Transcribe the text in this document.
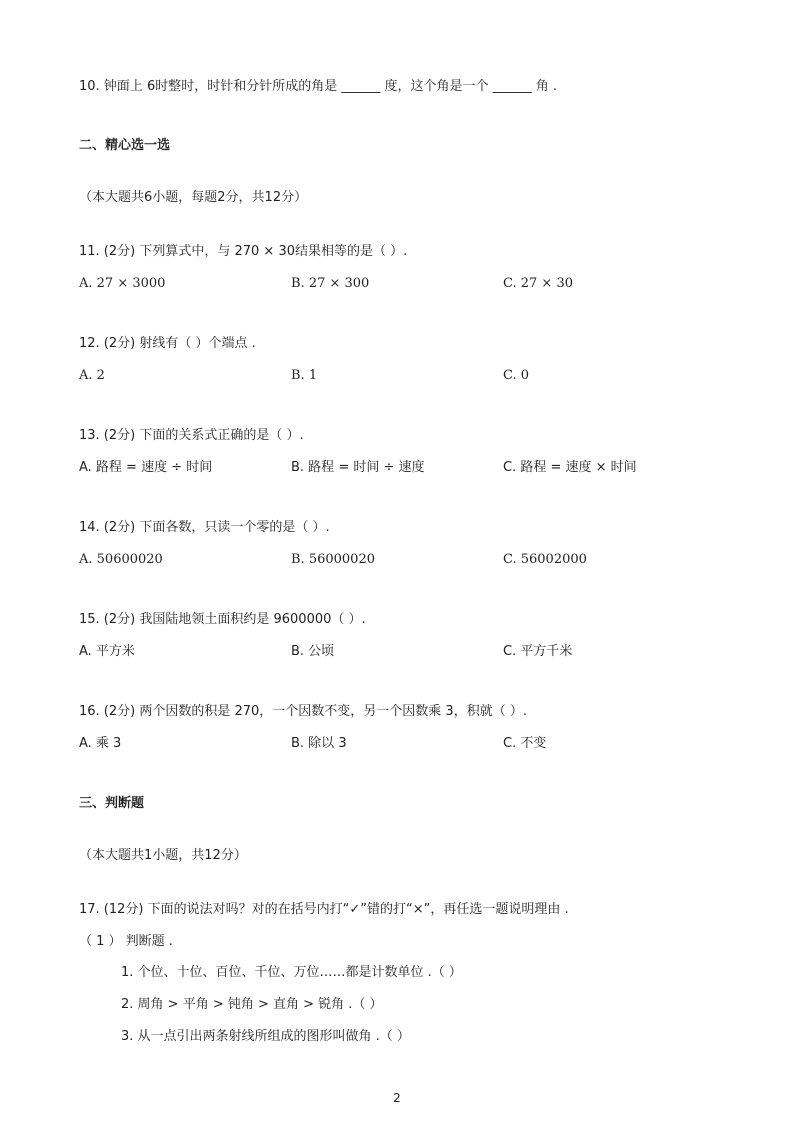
10. 钟面上 6时整时，时针和分针所成的角是 ______ 度，这个角是一个 ______ 角 .
二、精心选一选
（本大题共6小题，每题2分，共12分）
11. (2分) 下列算式中，与 270 × 30结果相等的是（ ）.
A. 27 × 3000	B. 27 × 300	C. 27 × 30
12. (2分) 射线有（ ）个端点 .
A. 2	B. 1	C. 0
13. (2分) 下面的关系式正确的是（ ）.
A. 路程 = 速度 ÷ 时间	B. 路程 = 时间 ÷ 速度	C. 路程 = 速度 × 时间
14. (2分) 下面各数，只读一个零的是（ ）.
A. 50600020	B. 56000020	C. 56002000
15. (2分) 我国陆地领土面积约是 9600000（ ）.
A. 平方米	B. 公顷	C. 平方千米
16. (2分) 两个因数的积是 270，一个因数不变，另一个因数乘 3，积就（ ）.
A. 乘 3	B. 除以 3	C. 不变
三、判断题
（本大题共1小题，共12分）
17. (12分) 下面的说法对吗？对的在括号内打“✓”错的打“×”，再任选一题说明理由 .
（ 1 ） 判断题 .
1. 个位、十位、百位、千位、万位……都是计数单位 .（ ）
2. 周角 > 平角 > 钝角 > 直角 > 锐角 .（ ）
3. 从一点引出两条射线所组成的图形叫做角 .（ ）
2
